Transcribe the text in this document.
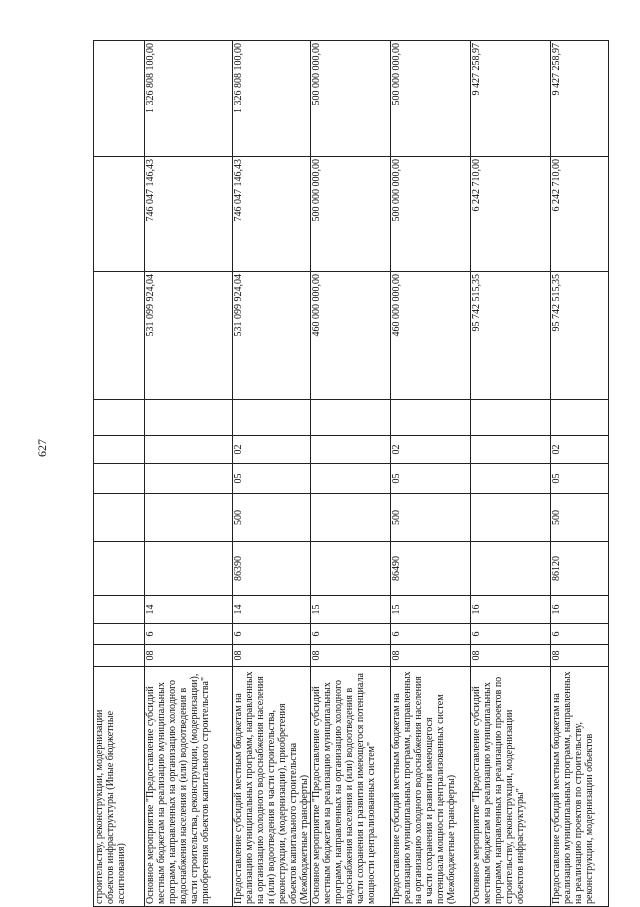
627
строительству, реконструкции, модернизации объектов инфраструктуры (Иные бюджетные ассигнования)											
Основное мероприятие "Предоставление субсидий местным бюджетам на реализацию муниципальных программ, направленных на организацию холодного водоснабжения населения и (или) водоотведения в части строительства, реконструкции, (модернизации), приобретения объектов капитального строительства"	08	6	14						531 099 924,04	746 047 146,43	1 326 808 100,00
Предоставление субсидий местным бюджетам на реализацию муниципальных программ, направленных на организацию холодного водоснабжения населения и (или) водоотведения в части строительства, реконструкции, (модернизации), приобретения объектов капитального строительства (Межбюджетные трансферты)	08	6	14	86390	500	05	02		531 099 924,04	746 047 146,43	1 326 808 100,00
Основное мероприятие "Предоставление субсидий местным бюджетам на реализацию муниципальных программ, направленных на организацию холодного водоснабжения населения и (или) водоотведения в части сохранения и развития имеющегося потенциала мощности централизованных систем"	08	6	15						460 000 000,00	500 000 000,00	500 000 000,00
Предоставление субсидий местным бюджетам на реализацию муниципальных программ, направленных на организацию холодного водоснабжения населения в части сохранения и развития имеющегося потенциала мощности централизованных систем (Межбюджетные трансферты)	08	6	15	86490	500	05	02		460 000 000,00	500 000 000,00	500 000 000,00
Основное мероприятие "Предоставление субсидий местным бюджетам на реализацию муниципальных программ, направленных на реализацию проектов по строительству, реконструкции, модернизации объектов инфраструктуры"	08	6	16						95 742 515,35	6 242 710,00	9 427 258,97
Предоставление субсидий местным бюджетам на реализацию муниципальных программ, направленных на реализацию проектов по строительству, реконструкции, модернизации объектов	08	6	16	86120	500	05	02		95 742 515,35	6 242 710,00	9 427 258,97
